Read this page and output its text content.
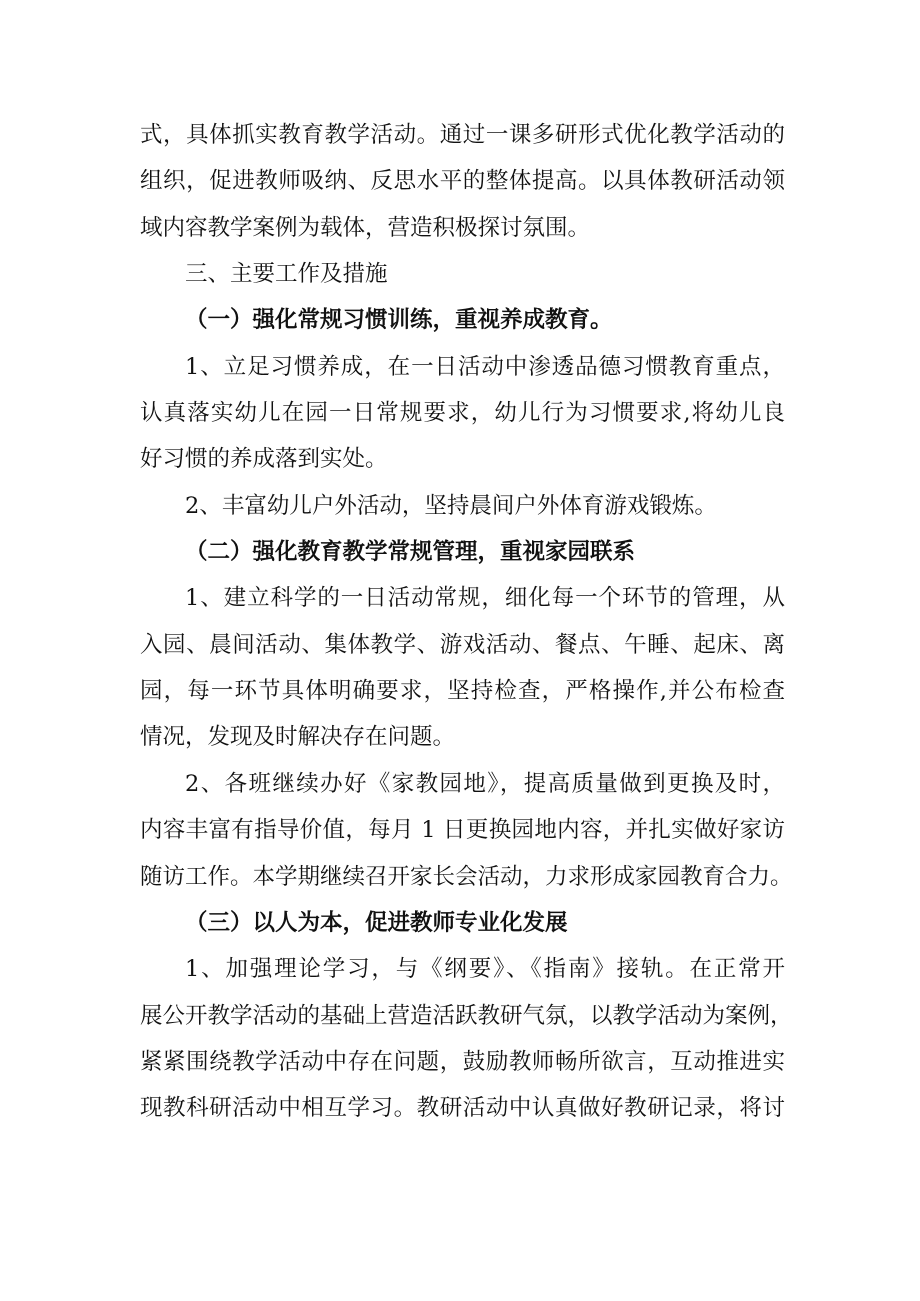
式，具体抓实教育教学活动。通过一课多研形式优化教学活动的
组织，促进教师吸纳、反思水平的整体提高。以具体教研活动领
域内容教学案例为载体，营造积极探讨氛围。
三、主要工作及措施
（一）强化常规习惯训练，重视养成教育。
1、立足习惯养成，在一日活动中渗透品德习惯教育重点，
认真落实幼儿在园一日常规要求，幼儿行为习惯要求,将幼儿良
好习惯的养成落到实处。
2、丰富幼儿户外活动，坚持晨间户外体育游戏锻炼。
（二）强化教育教学常规管理，重视家园联系
1、建立科学的一日活动常规，细化每一个环节的管理，从
入园、晨间活动、集体教学、游戏活动、餐点、午睡、起床、离
园，每一环节具体明确要求，坚持检查，严格操作,并公布检查
情况，发现及时解决存在问题。
2、各班继续办好《家教园地》，提高质量做到更换及时，
内容丰富有指导价值，每月 1 日更换园地内容，并扎实做好家访
随访工作。本学期继续召开家长会活动，力求形成家园教育合力。
（三）以人为本，促进教师专业化发展
1、加强理论学习，与《纲要》、《指南》接轨。在正常开
展公开教学活动的基础上营造活跃教研气氛，以教学活动为案例，
紧紧围绕教学活动中存在问题，鼓励教师畅所欲言，互动推进实
现教科研活动中相互学习。教研活动中认真做好教研记录，将讨
